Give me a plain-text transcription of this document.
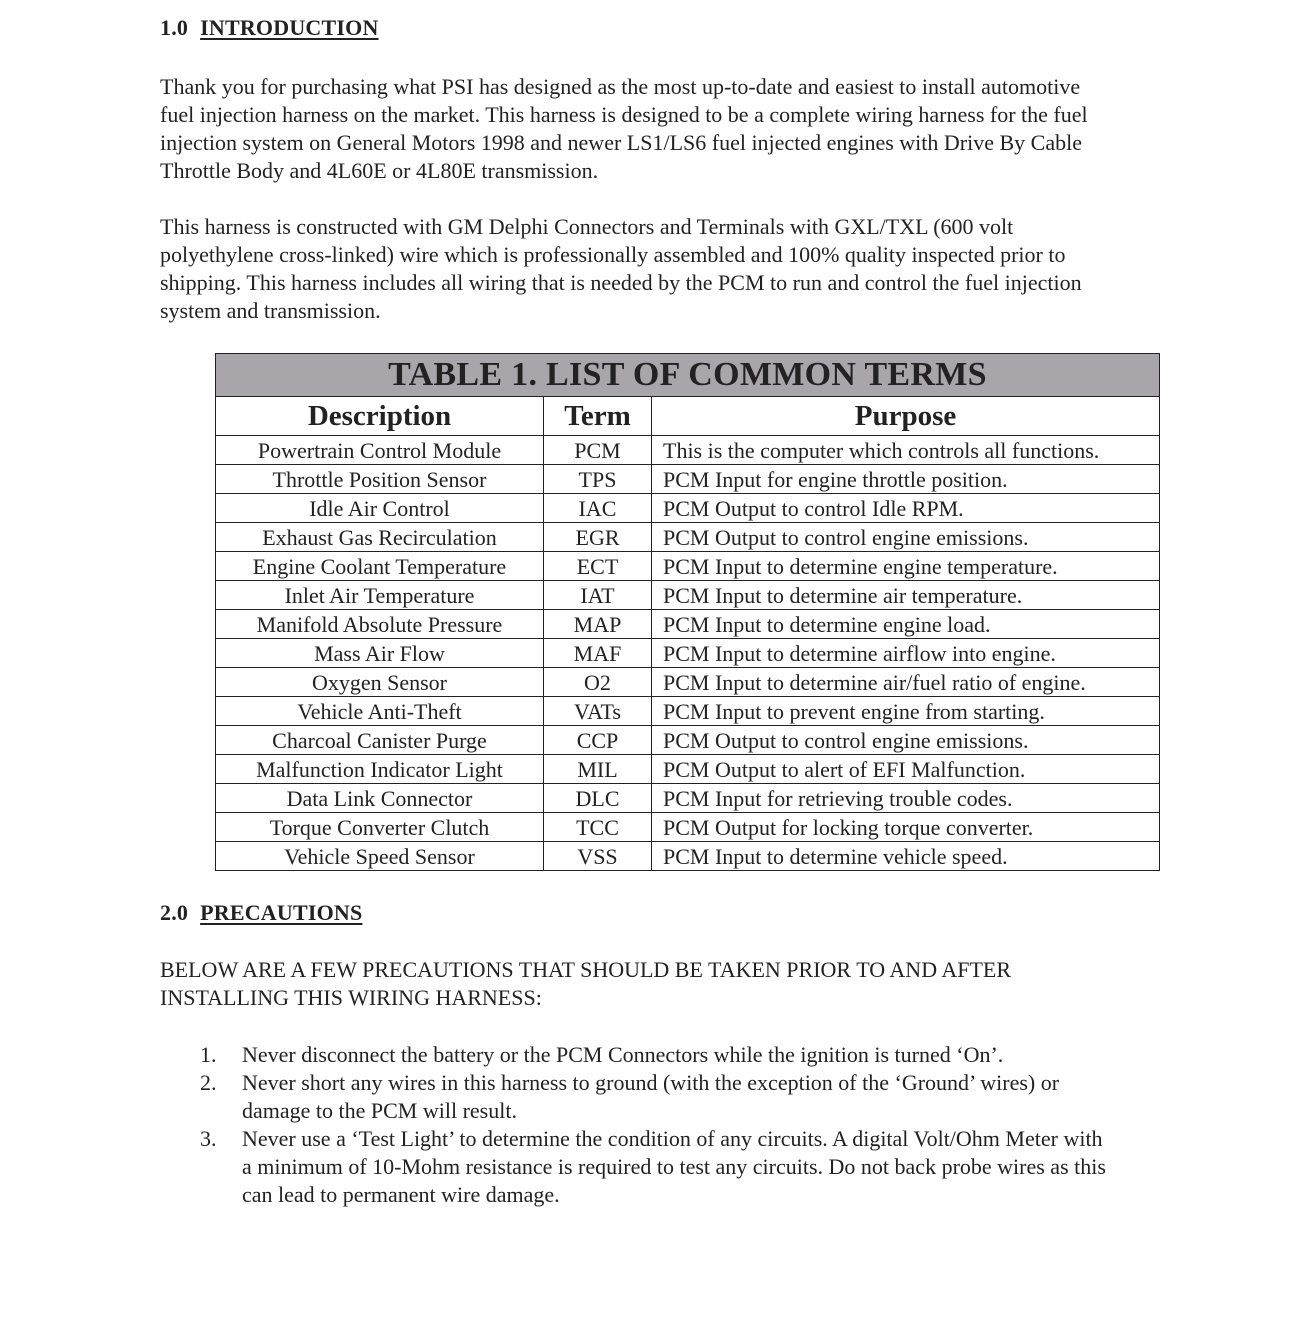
1.0 INTRODUCTION

Thank you for purchasing what PSI has designed as the most up-to-date and easiest to install automotive
fuel injection harness on the market. This harness is designed to be a complete wiring harness for the fuel
injection system on General Motors 1998 and newer LS1/LS6 fuel injected engines with Drive By Cable
Throttle Body and 4L60E or 4L80E transmission.

This harness is constructed with GM Delphi Connectors and Terminals with GXL/TXL (600 volt
polyethylene cross-linked) wire which is professionally assembled and 100% quality inspected prior to
shipping. This harness includes all wiring that is needed by the PCM to run and control the fuel injection
system and transmission.

TABLE 1. LIST OF COMMON TERMS		
Description	Term	Purpose
Powertrain Control Module	PCM	This is the computer which controls all functions.
Throttle Position Sensor	TPS	PCM Input for engine throttle position.
Idle Air Control	IAC	PCM Output to control Idle RPM.
Exhaust Gas Recirculation	EGR	PCM Output to control engine emissions.
Engine Coolant Temperature	ECT	PCM Input to determine engine temperature.
Inlet Air Temperature	IAT	PCM Input to determine air temperature.
Manifold Absolute Pressure	MAP	PCM Input to determine engine load.
Mass Air Flow	MAF	PCM Input to determine airflow into engine.
Oxygen Sensor	O2	PCM Input to determine air/fuel ratio of engine.
Vehicle Anti-Theft	VATs	PCM Input to prevent engine from starting.
Charcoal Canister Purge	CCP	PCM Output to control engine emissions.
Malfunction Indicator Light	MIL	PCM Output to alert of EFI Malfunction.
Data Link Connector	DLC	PCM Input for retrieving trouble codes.
Torque Converter Clutch	TCC	PCM Output for locking torque converter.
Vehicle Speed Sensor	VSS	PCM Input to determine vehicle speed.
2.0 PRECAUTIONS

BELOW ARE A FEW PRECAUTIONS THAT SHOULD BE TAKEN PRIOR TO AND AFTER
INSTALLING THIS WIRING HARNESS:

1. Never disconnect the battery or the PCM Connectors while the ignition is turned ‘On’.
2. Never short any wires in this harness to ground (with the exception of the ‘Ground’ wires) or
damage to the PCM will result.
3. Never use a ‘Test Light’ to determine the condition of any circuits. A digital Volt/Ohm Meter with
a minimum of 10-Mohm resistance is required to test any circuits. Do not back probe wires as this
can lead to permanent wire damage.
